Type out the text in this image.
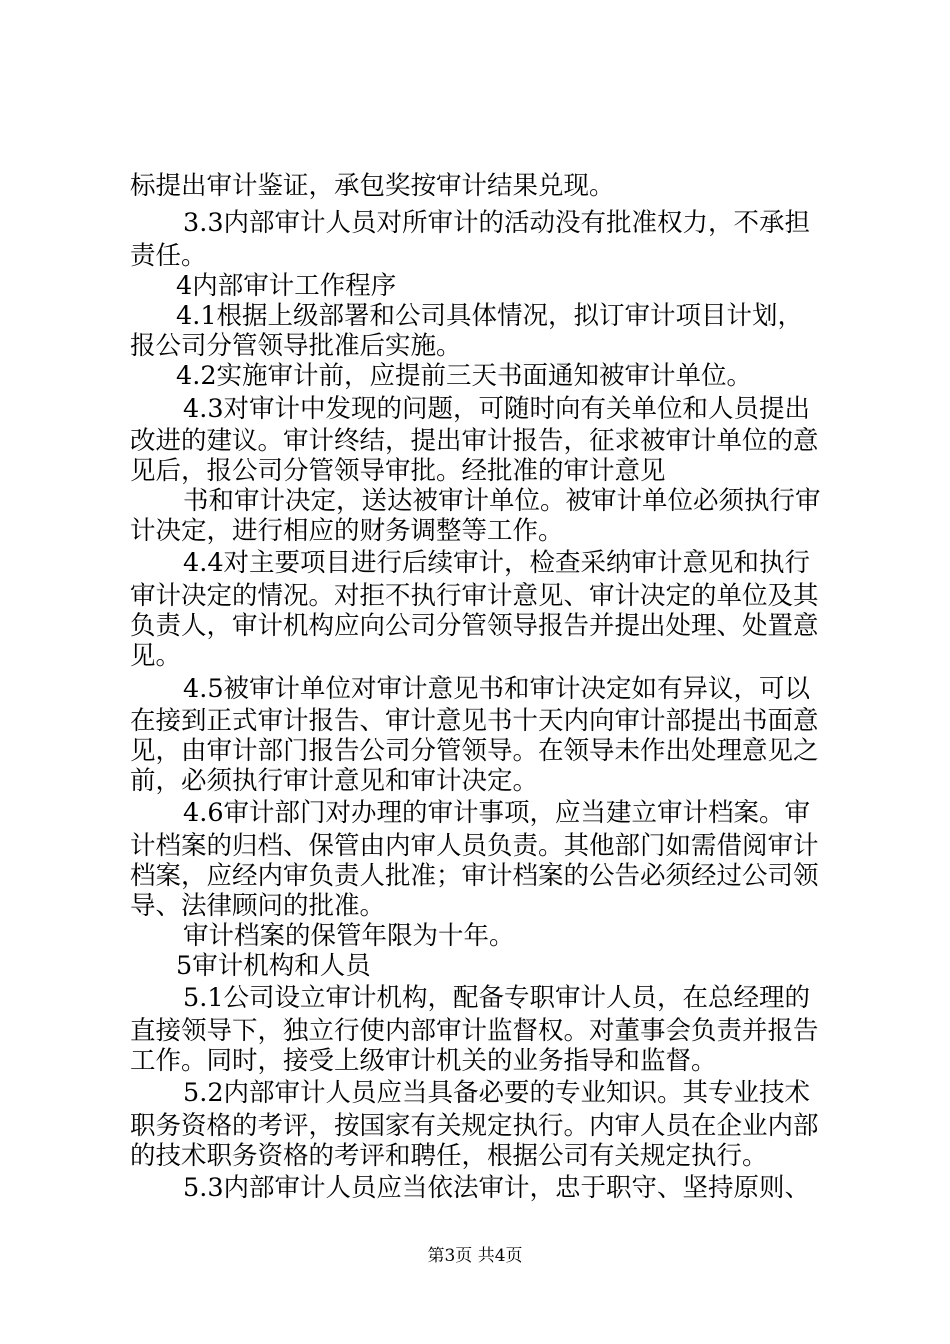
标提出审计鉴证，承包奖按审计结果兑现。
3.3内部审计人员对所审计的活动没有批准权力，不承担
责任。
4内部审计工作程序
4.1根据上级部署和公司具体情况，拟订审计项目计划，
报公司分管领导批准后实施。
4.2实施审计前，应提前三天书面通知被审计单位。
4.3对审计中发现的问题，可随时向有关单位和人员提出
改进的建议。审计终结，提出审计报告，征求被审计单位的意
见后，报公司分管领导审批。经批准的审计意见
书和审计决定，送达被审计单位。被审计单位必须执行审
计决定，进行相应的财务调整等工作。
4.4对主要项目进行后续审计，检查采纳审计意见和执行
审计决定的情况。对拒不执行审计意见、审计决定的单位及其
负责人，审计机构应向公司分管领导报告并提出处理、处置意
见。
4.5被审计单位对审计意见书和审计决定如有异议，可以
在接到正式审计报告、审计意见书十天内向审计部提出书面意
见，由审计部门报告公司分管领导。在领导未作出处理意见之
前，必须执行审计意见和审计决定。
4.6审计部门对办理的审计事项，应当建立审计档案。审
计档案的归档、保管由内审人员负责。其他部门如需借阅审计
档案，应经内审负责人批准；审计档案的公告必须经过公司领
导、法律顾问的批准。
审计档案的保管年限为十年。
5审计机构和人员
5.1公司设立审计机构，配备专职审计人员，在总经理的
直接领导下，独立行使内部审计监督权。对董事会负责并报告
工作。同时，接受上级审计机关的业务指导和监督。
5.2内部审计人员应当具备必要的专业知识。其专业技术
职务资格的考评，按国家有关规定执行。内审人员在企业内部
的技术职务资格的考评和聘任，根据公司有关规定执行。
5.3内部审计人员应当依法审计，忠于职守、坚持原则、
第3页 共4页
